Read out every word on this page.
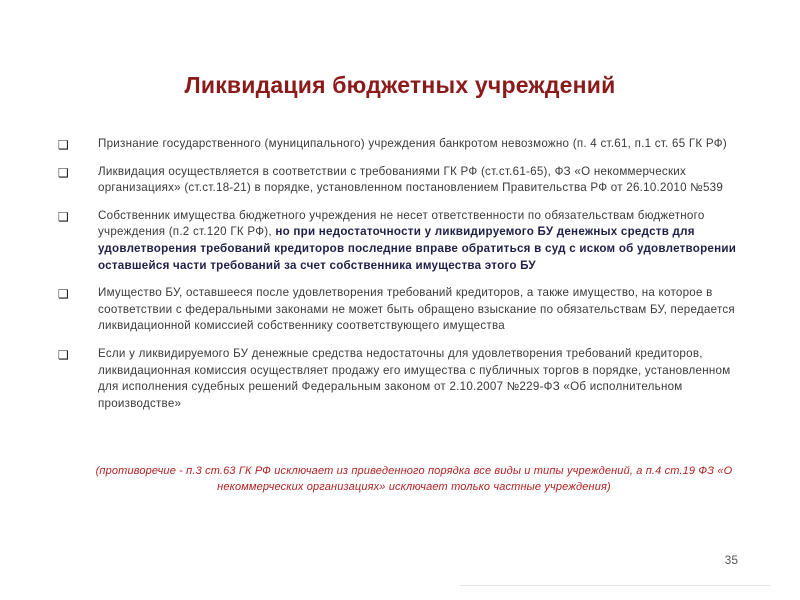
Ликвидация бюджетных учреждений
❑	Признание государственного (муниципального) учреждения банкротом невозможно (п. 4 ст.61, п.1 ст. 65 ГК РФ)
❑	Ликвидация осуществляется в соответствии с требованиями ГК РФ (ст.ст.61-65), ФЗ «О некоммерческих организациях» (ст.ст.18-21) в порядке, установленном постановлением Правительства РФ от 26.10.2010 №539
❑	Собственник имущества бюджетного учреждения не несет ответственности по обязательствам бюджетного учреждения (п.2 ст.120 ГК РФ), но при недостаточности у ликвидируемого БУ денежных средств для удовлетворения требований кредиторов последние вправе обратиться в суд с иском об удовлетворении оставшейся части требований за счет собственника имущества этого БУ
❑	Имущество БУ, оставшееся после удовлетворения требований кредиторов, а также имущество, на которое в соответствии с федеральными законами не может быть обращено взыскание по обязательствам БУ, передается ликвидационной комиссией собственнику соответствующего имущества
❑	Если у ликвидируемого БУ денежные средства недостаточны для удовлетворения требований кредиторов, ликвидационная комиссия осуществляет продажу его имущества с публичных торгов в порядке, установленном для исполнения судебных решений Федеральным законом от 2.10.2007 №229-ФЗ «Об исполнительном производстве»
(противоречие - п.3 ст.63 ГК РФ исключает из приведенного порядка все виды и типы учреждений, а п.4 ст.19 ФЗ «О некоммерческих организациях» исключает только частные учреждения)
35
